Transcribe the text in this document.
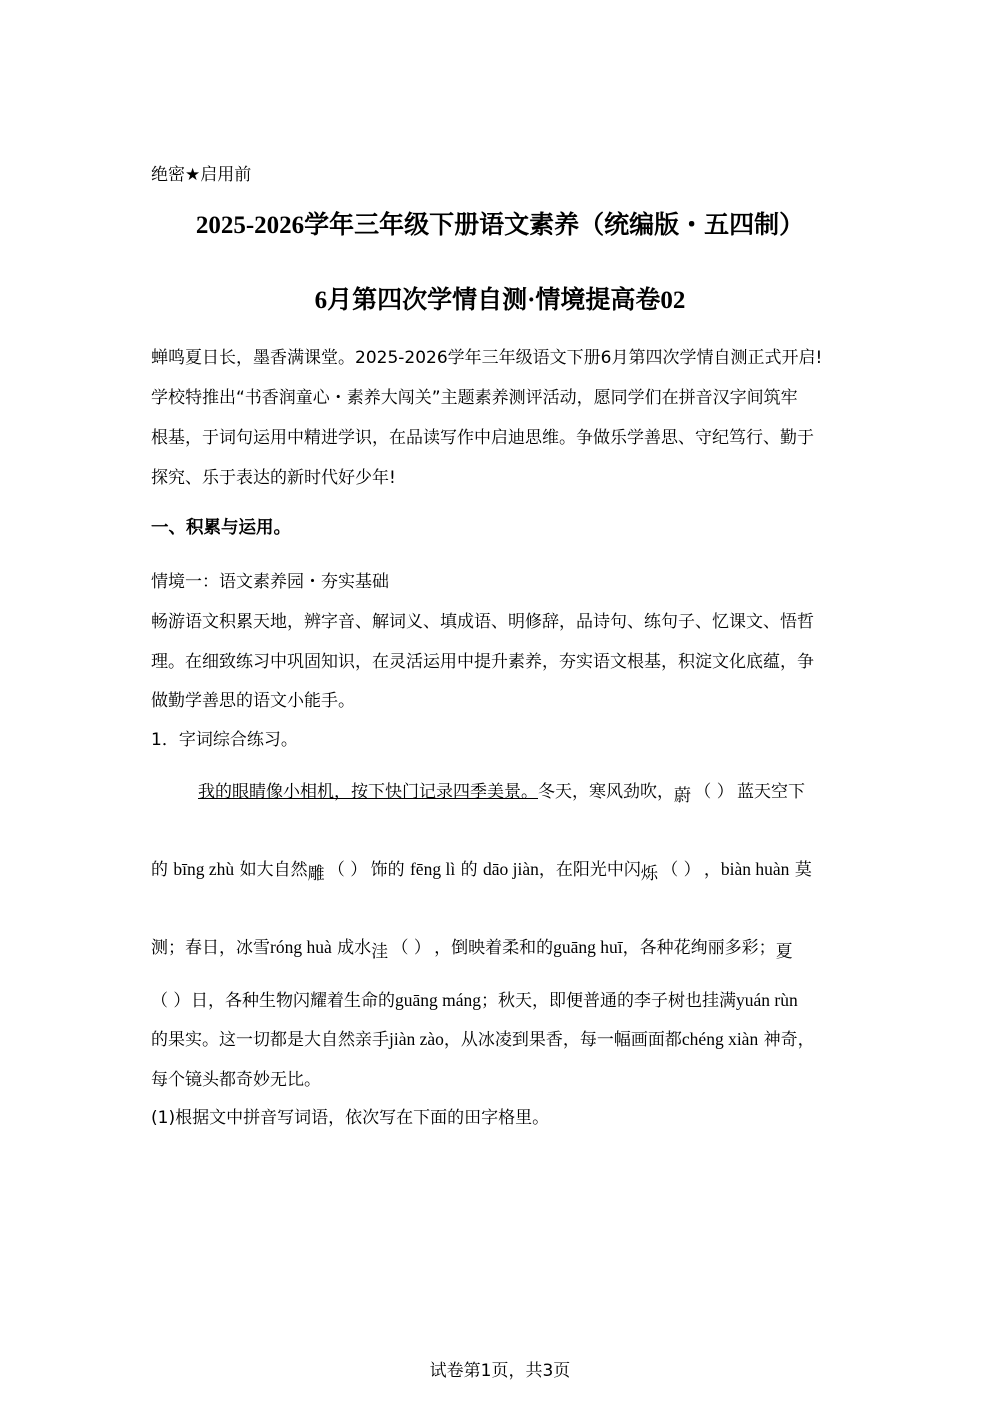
绝密★启用前
2025-2026学年三年级下册语文素养（统编版・五四制）
6月第四次学情自测·情境提高卷02
蝉鸣夏日长，墨香满课堂。2025-2026学年三年级语文下册6月第四次学情自测正式开启!
学校特推出“书香润童心・素养大闯关”主题素养测评活动，愿同学们在拼音汉字间筑牢
根基，于词句运用中精进学识，在品读写作中启迪思维。争做乐学善思、守纪笃行、勤于
探究、乐于表达的新时代好少年!
一、积累与运用。
情境一：语文素养园・夯实基础
畅游语文积累天地，辨字音、解词义、填成语、明修辞，品诗句、练句子、忆课文、悟哲
理。在细致练习中巩固知识，在灵活运用中提升素养，夯实语文根基，积淀文化底蕴，争
做勤学善思的语文小能手。
1．字词综合练习。
我的眼睛像小相机，按下快门记录四季美景。冬天，寒风劲吹，蔚 （ ） 蓝天空下
的 bīng zhù 如大自然雕 （ ） 饰的 fēng lì 的 dāo jiàn，在阳光中闪烁 （ ） ，biàn huàn 莫
测；春日，冰雪róng huà 成水洼 （ ） ，倒映着柔和的guāng huī，各种花绚丽多彩；夏
（ ）日，各种生物闪耀着生命的guāng máng；秋天，即便普通的李子树也挂满yuán rùn
的果实。这一切都是大自然亲手jiàn zào，从冰凌到果香，每一幅画面都chéng xiàn 神奇，
每个镜头都奇妙无比。
(1)根据文中拼音写词语，依次写在下面的田字格里。
试卷第1页，共3页
